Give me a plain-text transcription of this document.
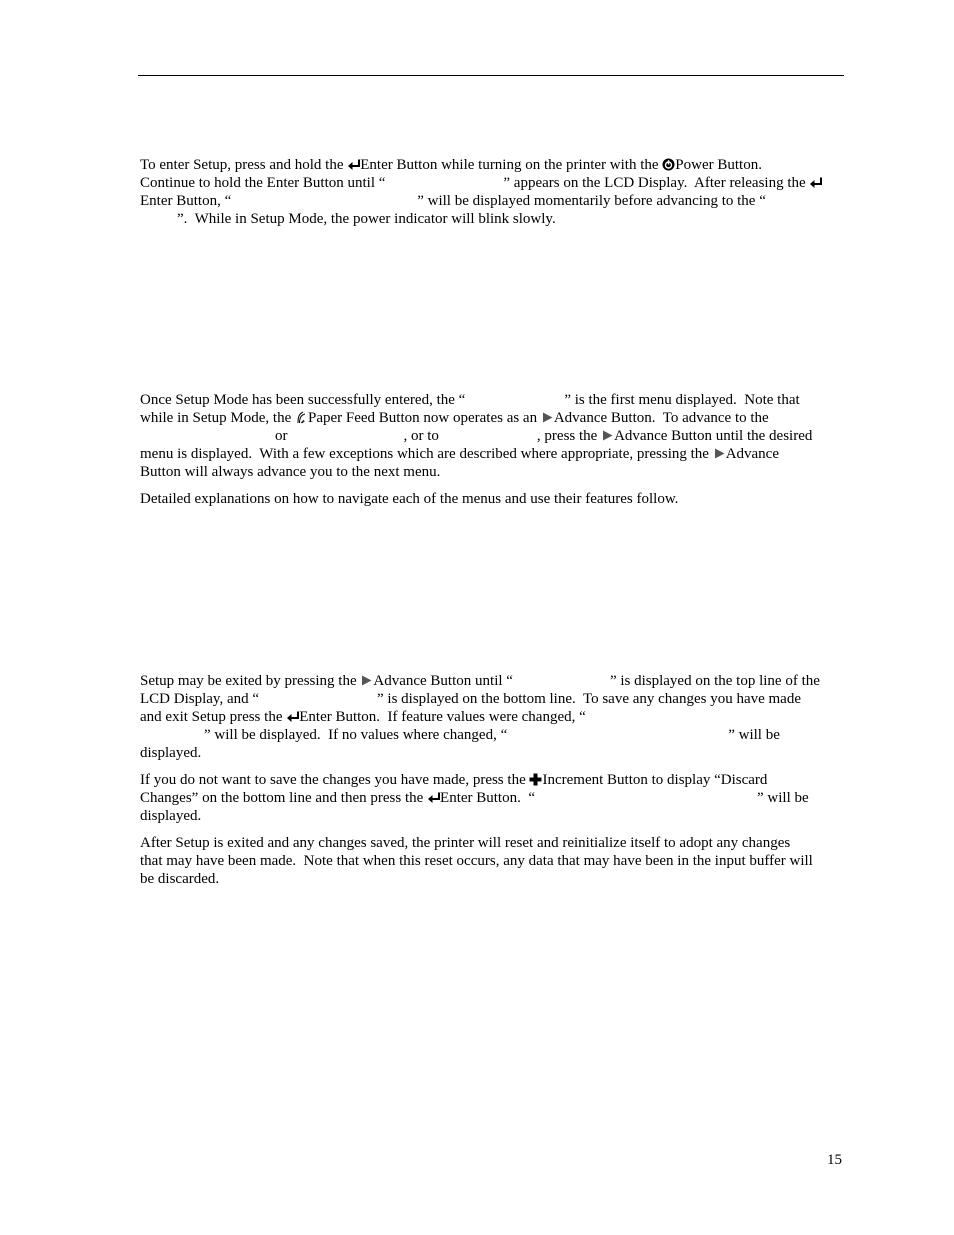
To enter Setup, press and hold the
Enter Button while turning on the printer with the
Power Button.
Continue to hold the Enter Button until “	” appears on the LCD Display.  After releasing the
Enter Button, “	” will be displayed momentarily before advancing to the “
”.  While in Setup Mode, the power indicator will blink slowly.
Once Setup Mode has been successfully entered, the “	” is the first menu displayed.  Note that
while in Setup Mode, the
Paper Feed Button now operates as an
Advance Button.  To advance to the
or	, or to	, press the
Advance Button until the desired
menu is displayed.  With a few exceptions which are described where appropriate, pressing the
Advance
Button will always advance you to the next menu.
Detailed explanations on how to navigate each of the menus and use their features follow.
Setup may be exited by pressing the
Advance Button until “	” is displayed on the top line of the
LCD Display, and “	” is displayed on the bottom line.  To save any changes you have made
and exit Setup press the
Enter Button.  If feature values were changed, “
” will be displayed.  If no values where changed, “	” will be
displayed.
If you do not want to save the changes you have made, press the
Increment Button to display “Discard
Changes” on the bottom line and then press the
Enter Button.  “	” will be
displayed.
After Setup is exited and any changes saved, the printer will reset and reinitialize itself to adopt any changes
that may have been made.  Note that when this reset occurs, any data that may have been in the input buffer will
be discarded.
15
